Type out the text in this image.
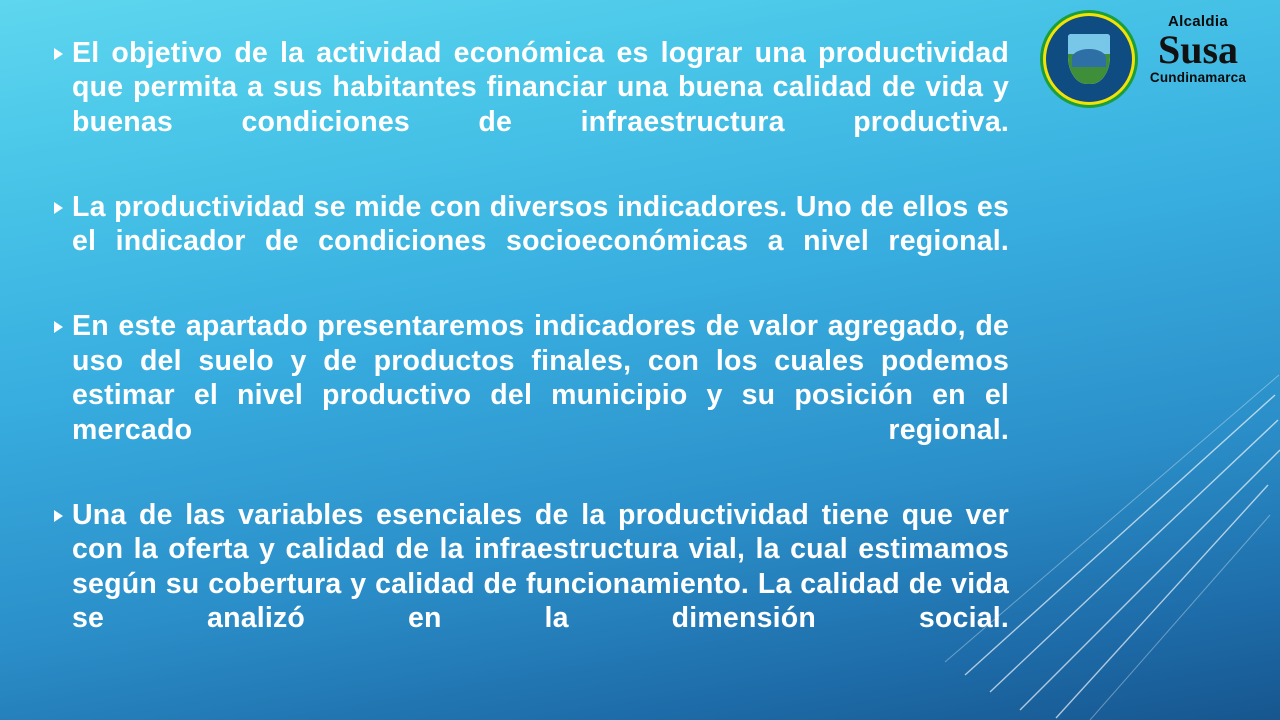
Alcaldia
Susa
Cundinamarca
El objetivo de la actividad económica es lograr una productividad que permita a sus habitantes financiar una buena calidad de vida y buenas condiciones de infraestructura productiva.
La productividad se mide con diversos indicadores. Uno de ellos es el indicador de condiciones socioeconómicas a nivel regional.
En este apartado presentaremos indicadores de valor agregado, de uso del suelo y de productos finales, con los cuales podemos estimar el nivel productivo del municipio y su posición en el mercado regional.
Una de las variables esenciales de la productividad tiene que ver con la oferta y calidad de la infraestructura vial, la cual estimamos según su cobertura y calidad de funcionamiento. La calidad de vida se analizó en la dimensión social.
